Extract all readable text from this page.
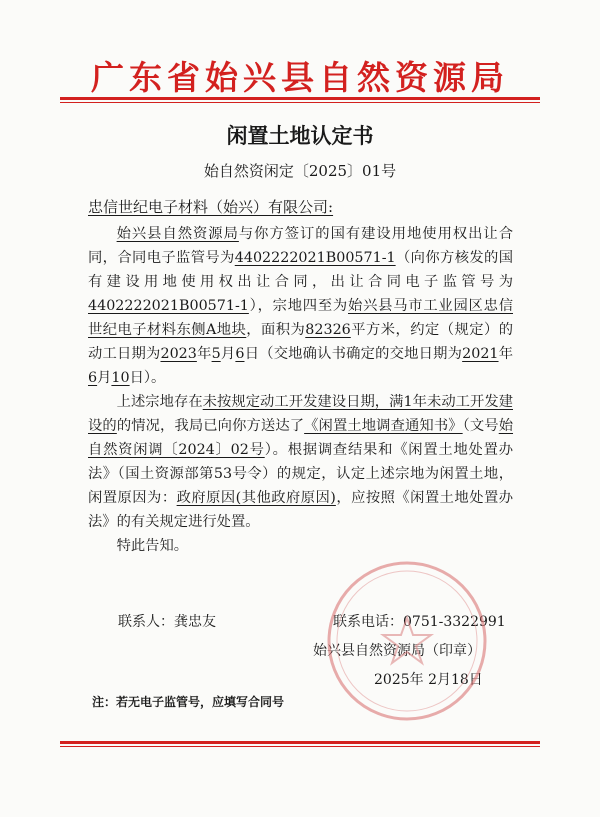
广东省始兴县自然资源局
闲置土地认定书
始自然资闲定〔2025〕01号
忠信世纪电子材料（始兴）有限公司:

始兴县自然资源局与你方签订的国有建设用地使用权出让合同，合同电子监管号为4402222021B00571-1（向你方核发的国有建设用地使用权出让合同，出让合同电子监管号为4402222021B00571-1），宗地四至为始兴县马市工业园区忠信世纪电子材料东侧A地块，面积为82326平方米，约定（规定）的动工日期为2023年5月6日（交地确认书确定的交地日期为2021年6月10日）。

上述宗地存在未按规定动工开发建设日期，满1年未动工开发建设的的情况，我局已向你方送达了《闲置土地调查通知书》（文号始自然资闲调〔2024〕02号）。根据调查结果和《闲置土地处置办法》（国土资源部第53号令）的规定，认定上述宗地为闲置土地，闲置原因为：政府原因(其他政府原因)，应按照《闲置土地处置办法》的有关规定进行处置。

特此告知。

联系人：龚忠友	联系电话：0751-3322991
始兴县自然资源局（印章）
2025年 2月18日
注：若无电子监管号，应填写合同号
